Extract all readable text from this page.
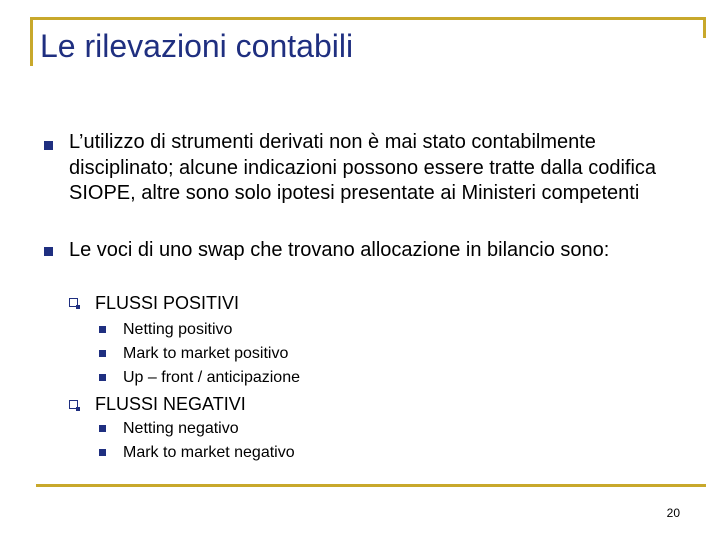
Le rilevazioni contabili
L’utilizzo di strumenti derivati non è mai stato contabilmente disciplinato; alcune indicazioni possono essere tratte dalla codifica SIOPE, altre sono solo ipotesi presentate ai Ministeri competenti
Le voci di uno swap che trovano allocazione in bilancio sono:
FLUSSI POSITIVI
Netting positivo
Mark to market positivo
Up – front / anticipazione
FLUSSI NEGATIVI
Netting negativo
Mark to market negativo
20
